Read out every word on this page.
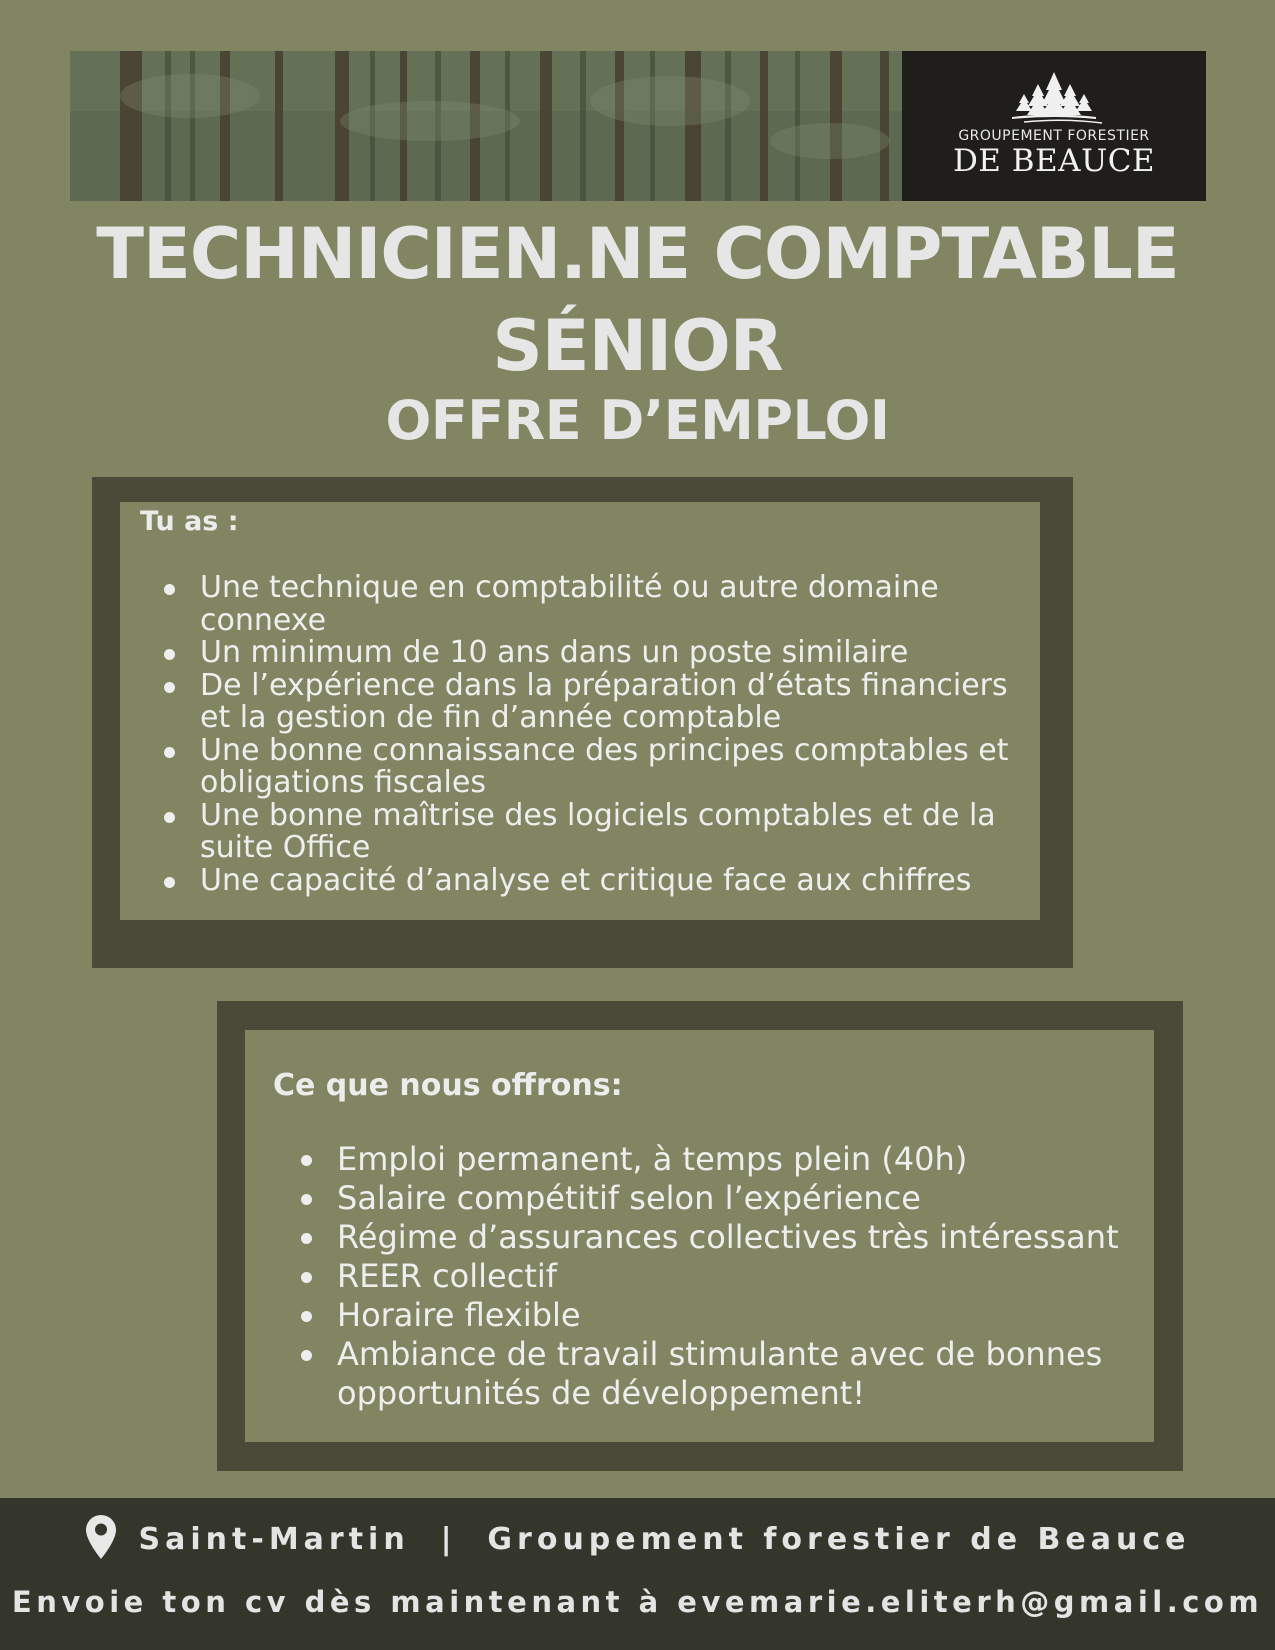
GROUPEMENT FORESTIER
DE BEAUCE
TECHNICIEN.NE COMPTABLE
SÉNIOR
OFFRE D’EMPLOI
Tu as :
Une technique en comptabilité ou autre domaine connexe
Un minimum de 10 ans dans un poste similaire
De l’expérience dans la préparation d’états financiers et la gestion de fin d’année comptable
Une bonne connaissance des principes comptables et obligations fiscales
Une bonne maîtrise des logiciels comptables et de la suite Office
Une capacité d’analyse et critique face aux chiffres
Ce que nous offrons:
Emploi permanent, à temps plein (40h)
Salaire compétitif selon l’expérience
Régime d’assurances collectives très intéressant
REER collectif
Horaire flexible
Ambiance de travail stimulante avec de bonnes opportunités de développement!
Saint-Martin  |  Groupement forestier de Beauce
Envoie ton cv dès maintenant à evemarie.eliterh@gmail.com
